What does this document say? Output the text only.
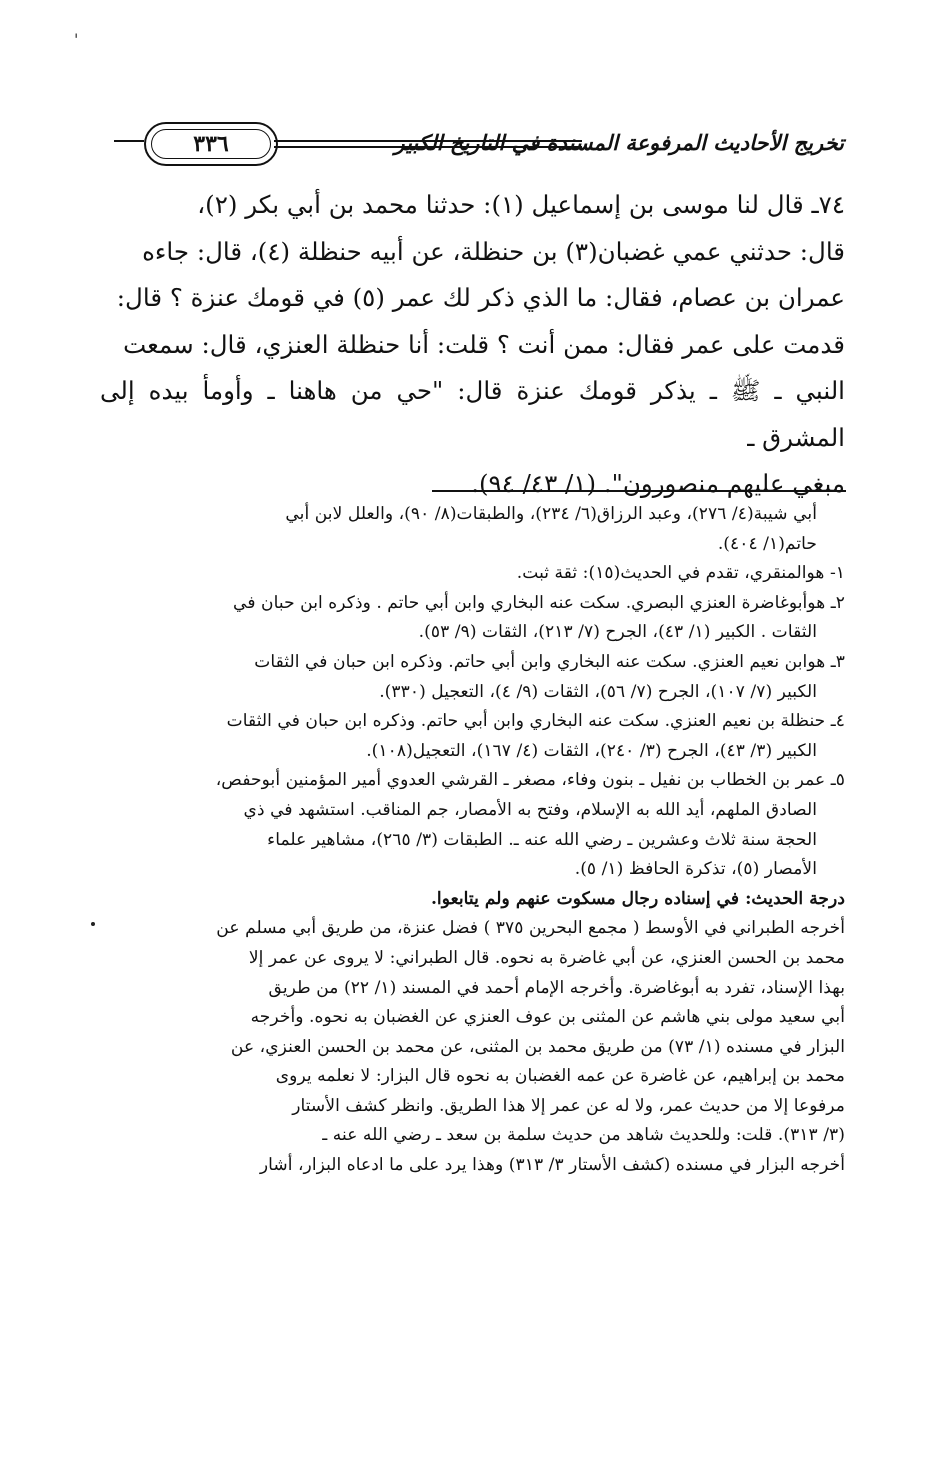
'
٣٣٦	تخريج الأحاديث المرفوعة المسندة في التاريخ الكبير

٧٤ـ قال لنا موسى بن إسماعيل (١): حدثنا محمد بن أبي بكر (٢)،

قال: حدثني عمي غضبان(٣) بن حنظلة، عن أبيه حنظلة (٤)، قال: جاءه

عمران بن عصام، فقال: ما الذي ذكر لك عمر (٥) في قومك عنزة ؟ قال:

قدمت على عمر فقال: ممن أنت ؟ قلت: أنا حنظلة العنزي، قال: سمعت

النبي ـ ﷺ ـ يذكر قومك عنزة قال: "حي من هاهنا ـ وأومأ بيده إلى المشرق ـ

مبغي عليهم منصورون". (١/ ٤٣/ ٩٤).

أبي شيبة(٤/ ٢٧٦)، وعبد الرزاق(٦/ ٢٣٤)، والطبقات(٨/ ٩٠)، والعلل لابن أبي

حاتم(١/ ٤٠٤).

١- هوالمنقري، تقدم في الحديث(١٥): ثقة ثبت.

٢ـ هوأبوغاضرة العنزي البصري. سكت عنه البخاري وابن أبي حاتم . وذكره ابن حبان في

الثقات . الكبير (١/ ٤٣)، الجرح (٧/ ٢١٣)، الثقات (٩/ ٥٣).

٣ـ هوابن نعيم العنزي. سكت عنه البخاري وابن أبي حاتم. وذكره ابن حبان في الثقات

الكبير (٧/ ١٠٧)، الجرح (٧/ ٥٦)، الثقات (٩/ ٤)، التعجيل (٣٣٠).

٤ـ حنظلة بن نعيم العنزي. سكت عنه البخاري وابن أبي حاتم. وذكره ابن حبان في الثقات

الكبير (٣/ ٤٣)، الجرح (٣/ ٢٤٠)، الثقات (٤/ ١٦٧)، التعجيل(١٠٨).

٥ـ عمر بن الخطاب بن نفيل ـ بنون وفاء، مصغر ـ القرشي العدوي أمير المؤمنين أبوحفص،

الصادق الملهم، أيد الله به الإسلام، وفتح به الأمصار، جم المناقب. استشهد في ذي

الحجة سنة ثلاث وعشرين ـ رضي الله عنه ـ. الطبقات (٣/ ٢٦٥)، مشاهير علماء

الأمصار (٥)، تذكرة الحافظ (١/ ٥).

درجة الحديث: في إسناده رجال مسكوت عنهم ولم يتابعوا.

أخرجه الطبراني في الأوسط ( مجمع البحرين ٣٧٥ ) فضل عنزة، من طريق أبي مسلم عن

محمد بن الحسن العنزي، عن أبي غاضرة به نحوه. قال الطبراني: لا يروى عن عمر إلا

بهذا الإسناد، تفرد به أبوغاضرة. وأخرجه الإمام أحمد في المسند (١/ ٢٢) من طريق

أبي سعيد مولى بني هاشم عن المثنى بن عوف العنزي عن الغضبان به نحوه. وأخرجه

البزار في مسنده (١/ ٧٣) من طريق محمد بن المثنى، عن محمد بن الحسن العنزي، عن

محمد بن إبراهيم، عن غاضرة عن عمه الغضبان به نحوه قال البزار: لا نعلمه يروى

مرفوعا إلا من حديث عمر، ولا له عن عمر إلا هذا الطريق. وانظر كشف الأستار

(٣/ ٣١٣). قلت: وللحديث شاهد من حديث سلمة بن سعد ـ رضي الله عنه ـ

أخرجه البزار في مسنده (كشف الأستار ٣/ ٣١٣) وهذا يرد على ما ادعاه البزار، أشار
